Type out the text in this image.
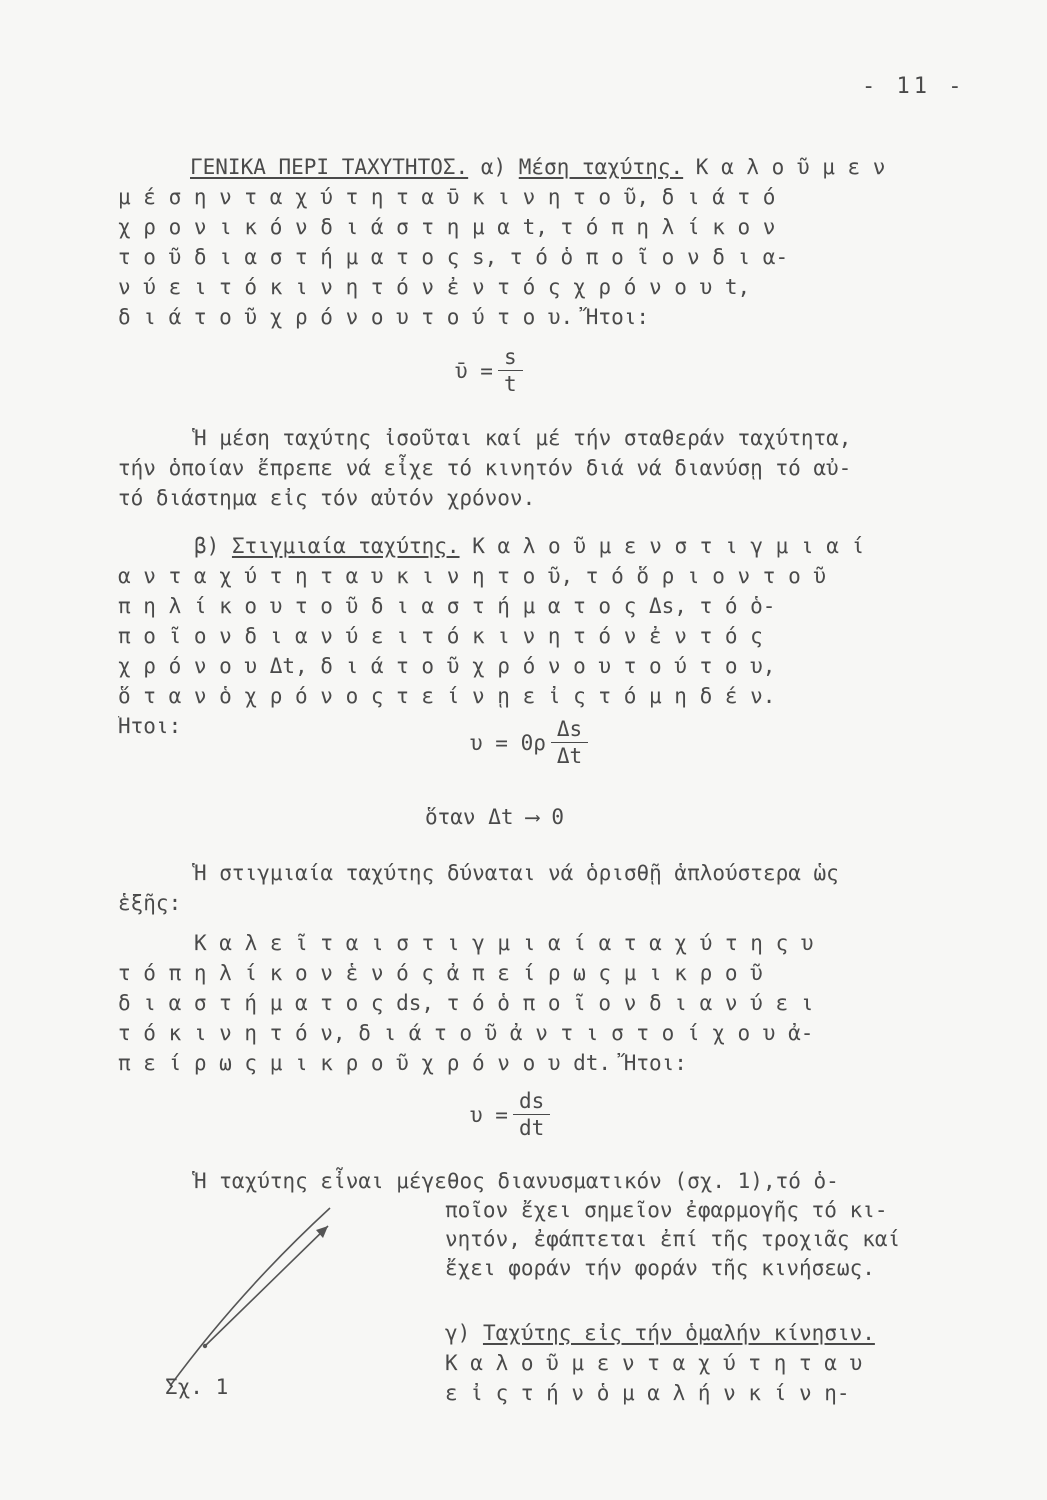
- 11 -
ΓΕΝΙΚΑ ΠΕΡΙ ΤΑΧΥΤΗΤΟΣ. α) Μέση ταχύτης. Κ α λ ο ῦ μ ε ν
μ έ σ η ν τ α χ ύ τ η τ α ῡ κ ι ν η τ ο ῦ, δ ι ά τ ό
χ ρ ο ν ι κ ό ν δ ι ά σ τ η μ α t, τ ό π η λ ί κ ο ν
τ ο ῦ δ ι α σ τ ή μ α τ ο ς s, τ ό ὁ π ο ῖ ο ν δ ι α-
ν ύ ε ι τ ό κ ι ν η τ ό ν ἐ ν τ ό ς χ ρ ό ν ο υ t,
δ ι ά τ ο ῦ χ ρ ό ν ο υ τ ο ύ τ ο υ. Ἤτοι:
ῡ = $\frac{s}{t}$
Ἡ μέση ταχύτης ἰσοῦται καί μέ τήν σταθεράν ταχύτητα,
τήν ὁποίαν ἔπρεπε νά εἶχε τό κινητόν διά νά διανύσῃ τό αὐ-
τό διάστημα εἰς τόν αὐτόν χρόνον.
β) Στιγμιαία ταχύτης. Κ α λ ο ῦ μ ε ν σ τ ι γ μ ι α ί
α ν τ α χ ύ τ η τ α υ κ ι ν η τ ο ῦ, τ ό ὅ ρ ι ο ν τ ο ῦ
π η λ ί κ ο υ τ ο ῦ δ ι α σ τ ή μ α τ ο ς Δs, τ ό ὁ-
π ο ῖ ο ν δ ι α ν ύ ε ι τ ό κ ι ν η τ ό ν ἐ ν τ ό ς
χ ρ ό ν ο υ Δt, δ ι ά τ ο ῦ χ ρ ό ν ο υ τ ο ύ τ ο υ,
ὅ τ α ν ὁ χ ρ ό ν ο ς τ ε ί ν ῃ ε ἰ ς τ ό μ η δ έ ν.
Ἤτοι:
$\upsilon = 0\rho \frac{\Delta s}{\Delta t}$
ὅταν Δt ⟶ 0
Ἡ στιγμιαία ταχύτης δύναται νά ὁρισθῇ ἁπλούστερα ὡς
ἑξῆς:
Κ α λ ε ῖ τ α ι σ τ ι γ μ ι α ί α τ α χ ύ τ η ς υ
τ ό π η λ ί κ ο ν ἑ ν ό ς ἀ π ε ί ρ ω ς μ ι κ ρ ο ῦ
δ ι α σ τ ή μ α τ ο ς ds, τ ό ὁ π ο ῖ ο ν δ ι α ν ύ ε ι
τ ό κ ι ν η τ ό ν, δ ι ά τ ο ῦ ἀ ν τ ι σ τ ο ί χ ο υ ἀ-
π ε ί ρ ω ς μ ι κ ρ ο ῦ χ ρ ό ν ο υ dt. Ἤτοι:
$\upsilon = \frac{ds}{dt}$
Ἡ ταχύτης εἶναι μέγεθος διανυσματικόν (σχ. 1),τό ὁ-
ποῖον ἔχει σημεῖον ἐφαρμογῆς τό κι-
νητόν, ἐφάπτεται ἐπί τῆς τροχιᾶς καί
ἔχει φοράν τήν φοράν τῆς κινήσεως.
Σχ. 1
γ) Ταχύτης εἰς τήν ὁμαλήν κίνησιν.
Κ α λ ο ῦ μ ε ν τ α χ ύ τ η τ α υ
ε ἰ ς τ ή ν ὁ μ α λ ή ν κ ί ν η-
